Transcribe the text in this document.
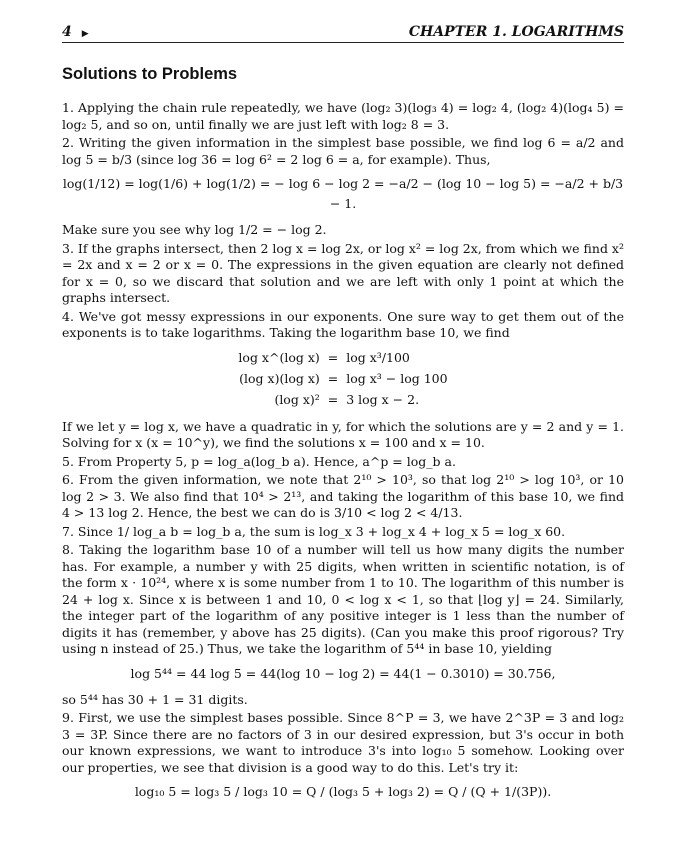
4 ▶	CHAPTER 1. LOGARITHMS
Solutions to Problems

1. Applying the chain rule repeatedly, we have (log₂ 3)(log₃ 4) = log₂ 4, (log₂ 4)(log₄ 5) = log₂ 5, and so on, until finally we are just left with log₂ 8 = 3.

2. Writing the given information in the simplest base possible, we find log 6 = a/2 and log 5 = b/3 (since log 36 = log 6² = 2 log 6 = a, for example). Thus,

log(1/12) = log(1/6) + log(1/2) = − log 6 − log 2 = −a/2 − (log 10 − log 5) = −a/2 + b/3 − 1.

Make sure you see why log 1/2 = − log 2.

3. If the graphs intersect, then 2 log x = log 2x, or log x² = log 2x, from which we find x² = 2x and x = 2 or x = 0. The expressions in the given equation are clearly not defined for x = 0, so we discard that solution and we are left with only 1 point at which the graphs intersect.

4. We've got messy expressions in our exponents. One sure way to get them out of the exponents is to take logarithms. Taking the logarithm base 10, we find

log x^(log x) = log x³/100
(log x)(log x) = log x³ − log 100
(log x)² = 3 log x − 2.

If we let y = log x, we have a quadratic in y, for which the solutions are y = 2 and y = 1. Solving for x (x = 10^y), we find the solutions x = 100 and x = 10.

5. From Property 5, p = log_a(log_b a). Hence, a^p = log_b a.

6. From the given information, we note that 2¹⁰ > 10³, so that log 2¹⁰ > log 10³, or 10 log 2 > 3. We also find that 10⁴ > 2¹³, and taking the logarithm of this base 10, we find 4 > 13 log 2. Hence, the best we can do is 3/10 < log 2 < 4/13.

7. Since 1/ log_a b = log_b a, the sum is log_x 3 + log_x 4 + log_x 5 = log_x 60.

8. Taking the logarithm base 10 of a number will tell us how many digits the number has. For example, a number y with 25 digits, when written in scientific notation, is of the form x · 10²⁴, where x is some number from 1 to 10. The logarithm of this number is 24 + log x. Since x is between 1 and 10, 0 < log x < 1, so that ⌊log y⌋ = 24. Similarly, the integer part of the logarithm of any positive integer is 1 less than the number of digits it has (remember, y above has 25 digits). (Can you make this proof rigorous? Try using n instead of 25.) Thus, we take the logarithm of 5⁴⁴ in base 10, yielding

log 5⁴⁴ = 44 log 5 = 44(log 10 − log 2) = 44(1 − 0.3010) = 30.756,

so 5⁴⁴ has 30 + 1 = 31 digits.

9. First, we use the simplest bases possible. Since 8^P = 3, we have 2^3P = 3 and log₂ 3 = 3P. Since there are no factors of 3 in our desired expression, but 3's occur in both our known expressions, we want to introduce 3's into log₁₀ 5 somehow. Looking over our properties, we see that division is a good way to do this. Let's try it:

log₁₀ 5 = log₃ 5 / log₃ 10 = Q / (log₃ 5 + log₃ 2) = Q / (Q + 1/(3P)).
